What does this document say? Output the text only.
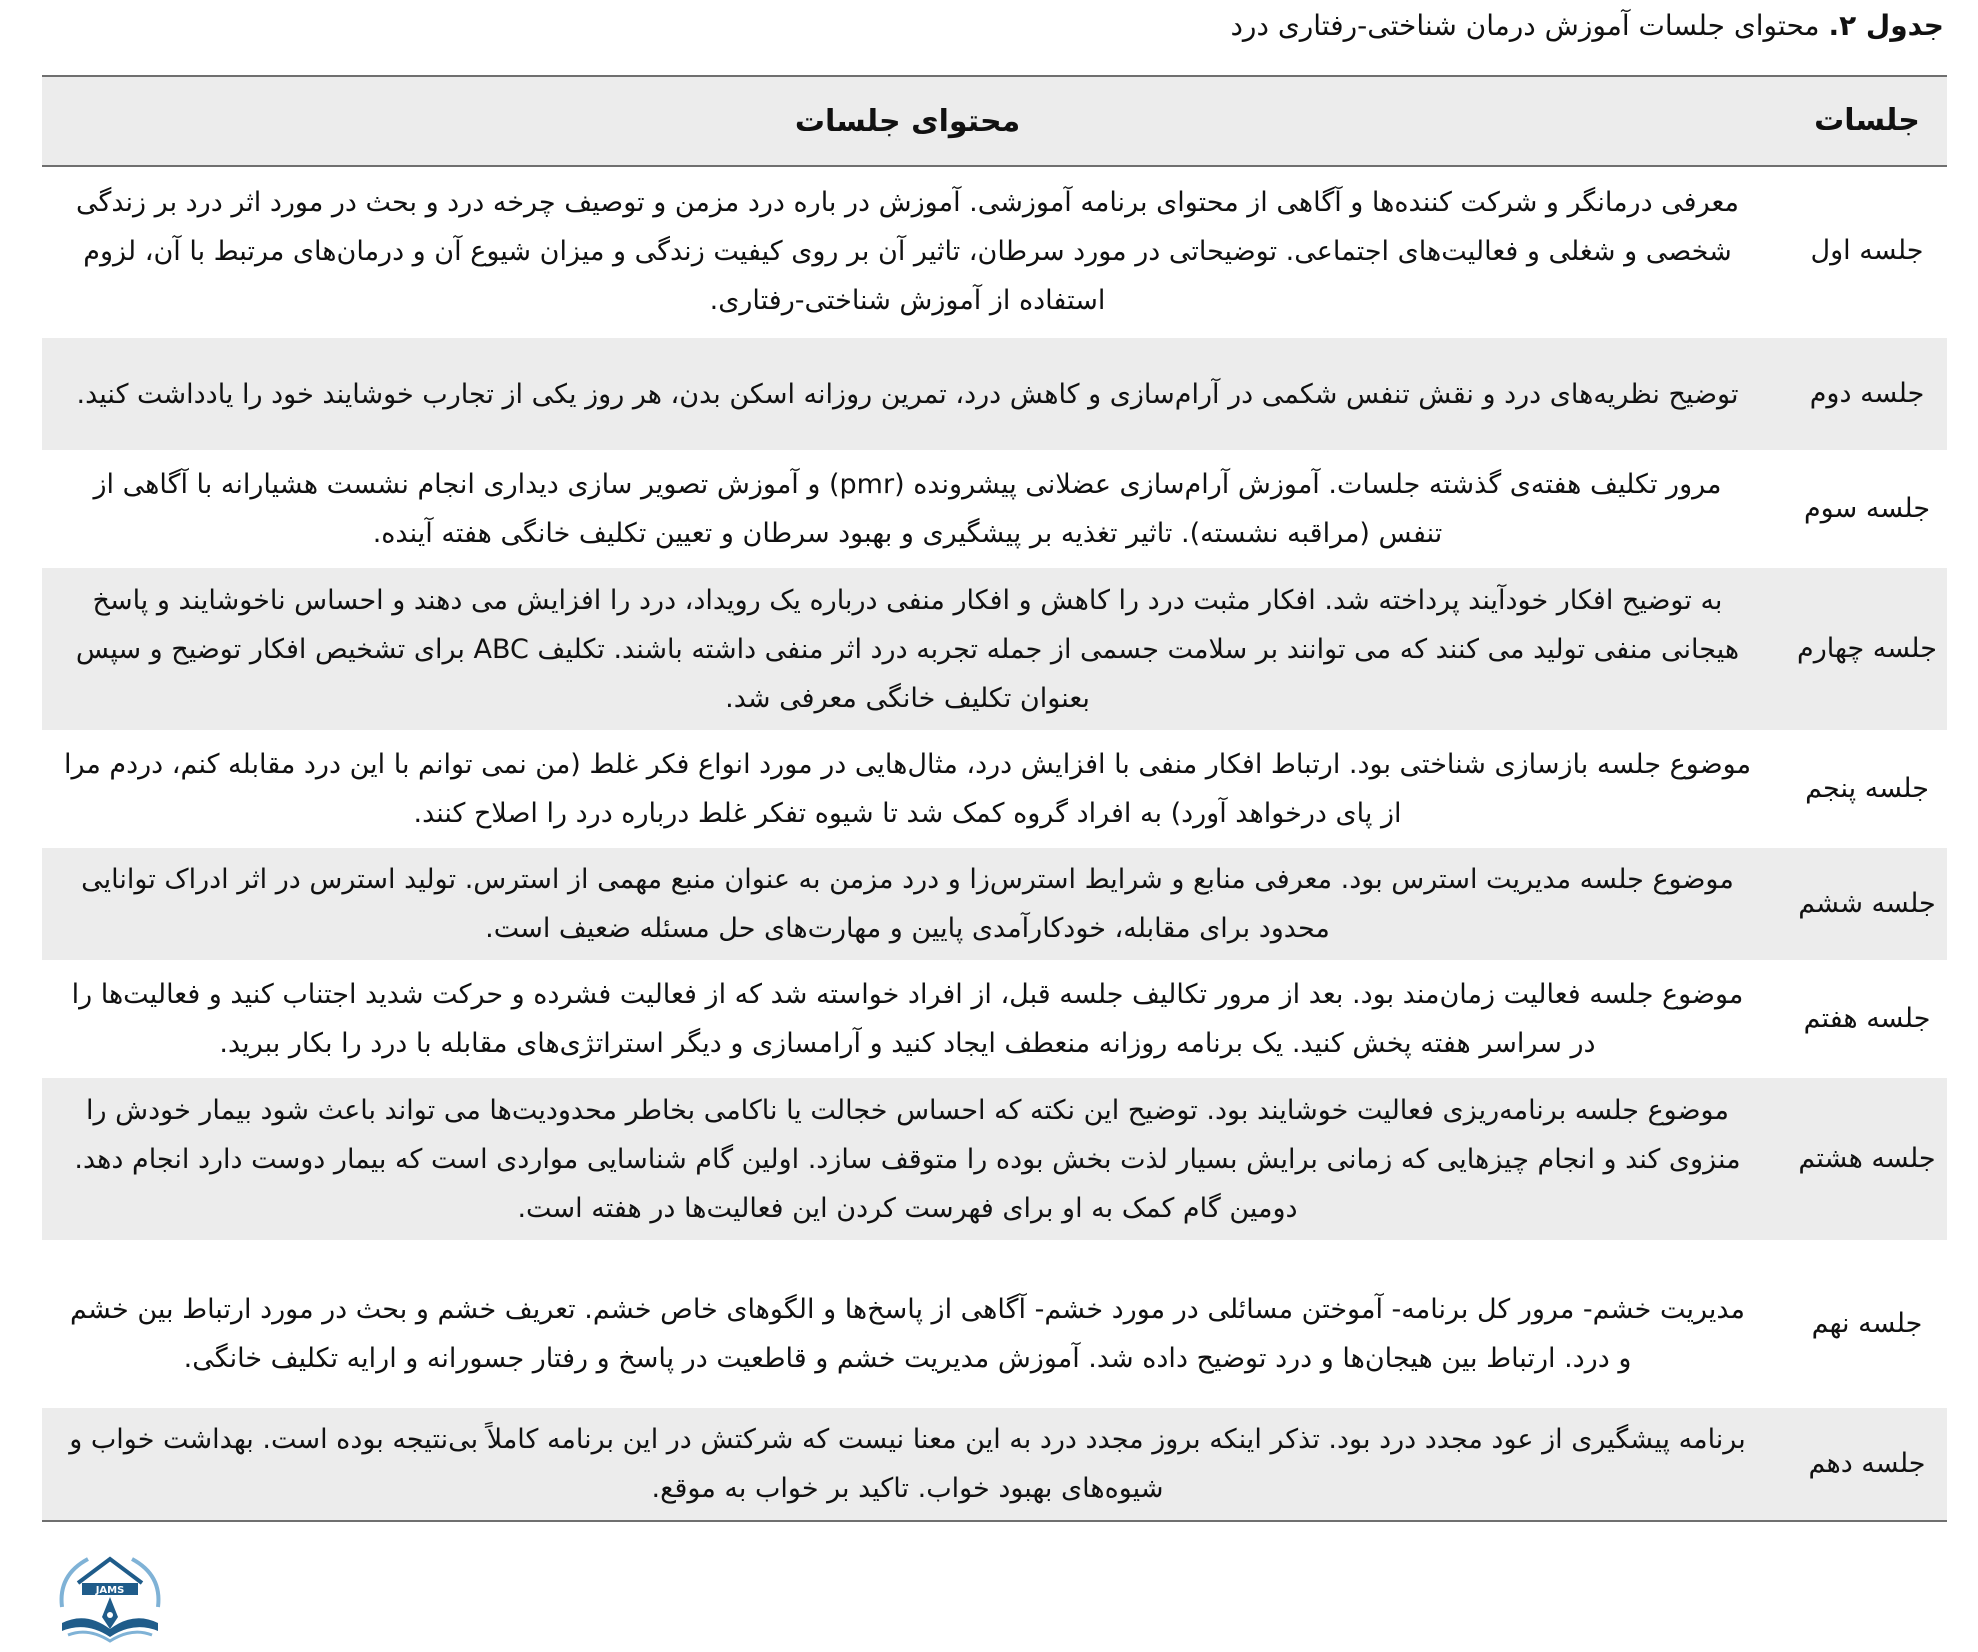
جدول ۲. محتوای جلسات آموزش درمان شناختی-رفتاری درد
جلسات
محتوای جلسات
جلسه اول
معرفی درمانگر و شرکت کننده‌ها و آگاهی از محتوای برنامه آموزشی. آموزش در باره درد مزمن و توصیف چرخه درد و بحث در مورد اثر درد بر زندگی شخصی و شغلی و فعالیت‌های اجتماعی. توضیحاتی در مورد سرطان، تاثیر آن بر روی کیفیت زندگی و میزان شیوع آن و درمان‌های مرتبط با آن، لزوم استفاده از آموزش شناختی-رفتاری.
جلسه دوم
توضیح نظریه‌های درد و نقش تنفس شکمی در آرام‌سازی و کاهش درد، تمرین روزانه اسکن بدن، هر روز یکی از تجارب خوشایند خود را یادداشت کنید.
جلسه سوم
مرور تکلیف هفته‌ی گذشته جلسات. آموزش آرام‌سازی عضلانی پیشرونده (pmr) و آموزش تصویر سازی دیداری انجام نشست هشیارانه با آگاهی از تنفس (مراقبه نشسته). تاثیر تغذیه بر پیشگیری و بهبود سرطان و تعیین تکلیف خانگی هفته آینده.
جلسه چهارم
به توضیح افکار خودآیند پرداخته شد. افکار مثبت درد را کاهش و افکار منفی درباره یک رویداد، درد را افزایش می دهند و احساس ناخوشایند و پاسخ هیجانی منفی تولید می کنند که می توانند بر سلامت جسمی از جمله تجربه درد اثر منفی داشته باشند. تکلیف ABC برای تشخیص افکار توضیح و سپس بعنوان تکلیف خانگی معرفی شد.
جلسه پنجم
موضوع جلسه بازسازی شناختی بود. ارتباط افکار منفی با افزایش درد، مثال‌هایی در مورد انواع فکر غلط (من نمی توانم با این درد مقابله کنم، دردم مرا از پای درخواهد آورد) به افراد گروه کمک شد تا شیوه تفکر غلط درباره درد را اصلاح کنند.
جلسه ششم
موضوع جلسه مدیریت استرس بود. معرفی منابع و شرایط استرس‌زا و درد مزمن به عنوان منبع مهمی از استرس. تولید استرس در اثر ادراک توانایی محدود برای مقابله، خودکارآمدی پایین و مهارت‌های حل مسئله ضعیف است.
جلسه هفتم
موضوع جلسه فعالیت زمان‌مند بود. بعد از مرور تکالیف جلسه قبل، از افراد خواسته شد که از فعالیت فشرده و حرکت شدید اجتناب کنید و فعالیت‌ها را در سراسر هفته پخش کنید. یک برنامه روزانه منعطف ایجاد کنید و آرامسازی و دیگر استراتژی‌های مقابله با درد را بکار ببرید.
جلسه هشتم
موضوع جلسه برنامه‌ریزی فعالیت خوشایند بود. توضیح این نکته که احساس خجالت یا ناکامی بخاطر محدودیت‌ها می تواند باعث شود بیمار خودش را منزوی کند و انجام چیزهایی که زمانی برایش بسیار لذت بخش بوده را متوقف سازد. اولین گام شناسایی مواردی است که بیمار دوست دارد انجام دهد. دومین گام کمک به او برای فهرست کردن این فعالیت‌ها در هفته است.
جلسه نهم
مدیریت خشم- مرور کل برنامه- آموختن مسائلی در مورد خشم- آگاهی از پاسخ‌ها و الگوهای خاص خشم. تعریف خشم و بحث در مورد ارتباط بین خشم و درد. ارتباط بین هیجان‌ها و درد توضیح داده شد. آموزش مدیریت خشم و قاطعیت در پاسخ و رفتار جسورانه و ارایه تکلیف خانگی.
جلسه دهم
برنامه پیشگیری از عود مجدد درد بود. تذکر اینکه بروز مجدد درد به این معنا نیست که شرکتش در این برنامه کاملاً بی‌نتیجه بوده است. بهداشت خواب و شیوه‌های بهبود خواب. تاکید بر خواب به موقع.
JAMS
